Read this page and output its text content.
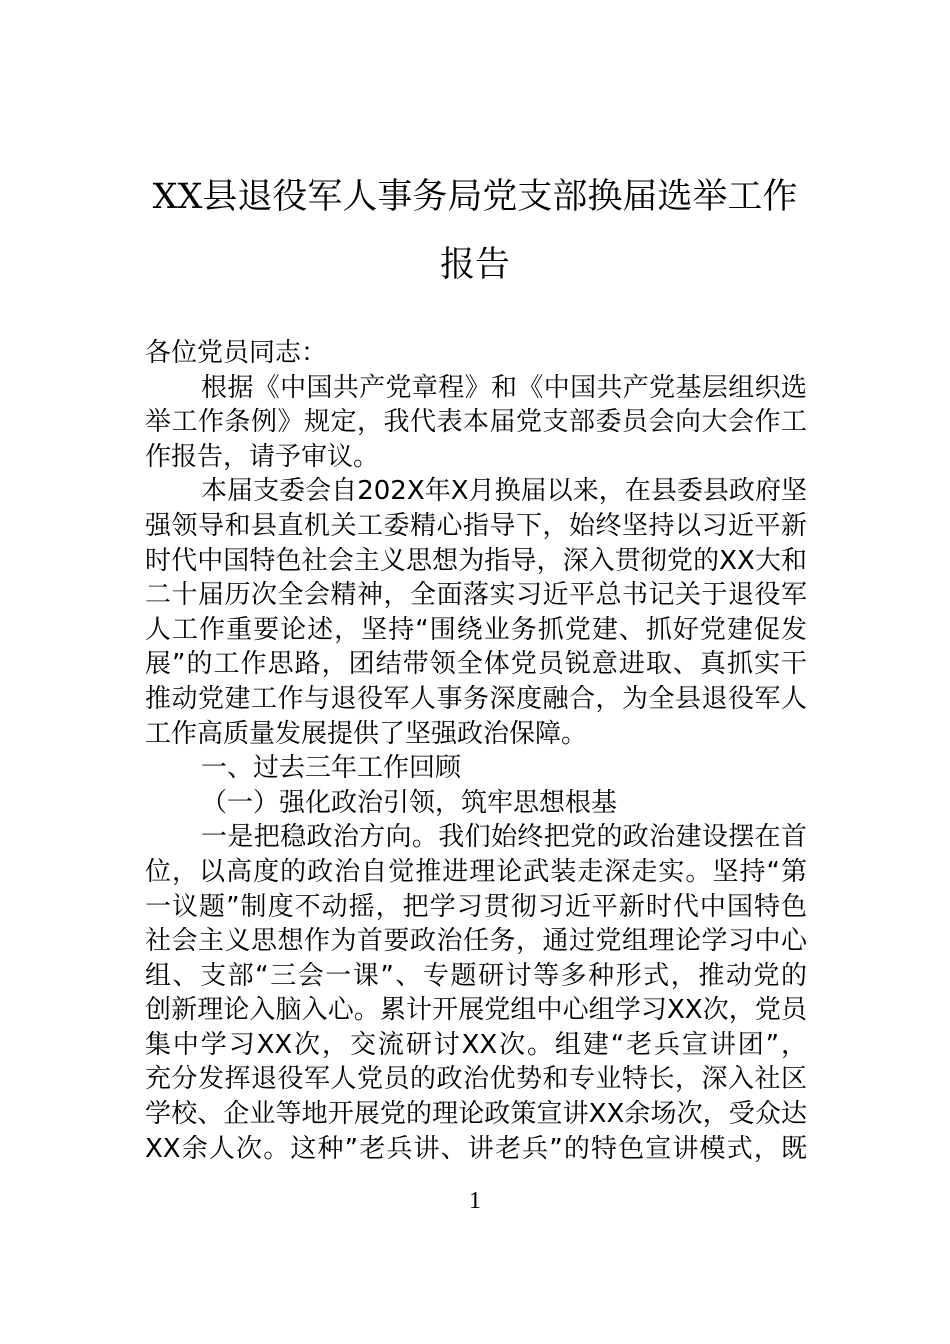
XX县退役军人事务局党支部换届选举工作
报告
各位党员同志：
根据《中国共产党章程》和《中国共产党基层组织选
举工作条例》规定，我代表本届党支部委员会向大会作工
作报告，请予审议。
本届支委会自202X年X月换届以来，在县委县政府坚
强领导和县直机关工委精心指导下，始终坚持以习近平新
时代中国特色社会主义思想为指导，深入贯彻党的XX大和
二十届历次全会精神，全面落实习近平总书记关于退役军
人工作重要论述，坚持“围绕业务抓党建、抓好党建促发
展”的工作思路，团结带领全体党员锐意进取、真抓实干
推动党建工作与退役军人事务深度融合，为全县退役军人
工作高质量发展提供了坚强政治保障。
一、过去三年工作回顾
（一）强化政治引领，筑牢思想根基
一是把稳政治方向。我们始终把党的政治建设摆在首
位，以高度的政治自觉推进理论武装走深走实。坚持“第
一议题”制度不动摇，把学习贯彻习近平新时代中国特色
社会主义思想作为首要政治任务，通过党组理论学习中心
组、支部“三会一课”、专题研讨等多种形式，推动党的
创新理论入脑入心。累计开展党组中心组学习XX次，党员
集中学习XX次，交流研讨XX次。组建“老兵宣讲团”，
充分发挥退役军人党员的政治优势和专业特长，深入社区
学校、企业等地开展党的理论政策宣讲XX余场次，受众达
XX余人次。这种”老兵讲、讲老兵”的特色宣讲模式，既
1
